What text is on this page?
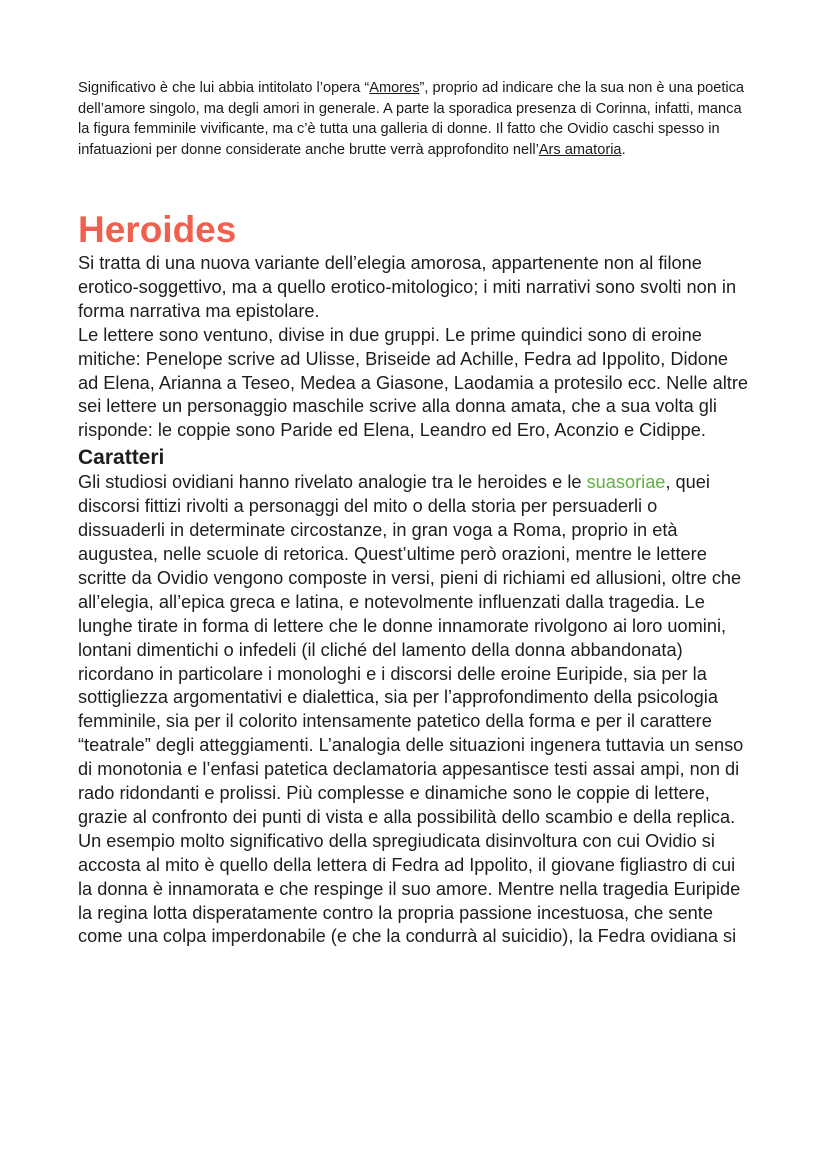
Significativo è che lui abbia intitolato l’opera “Amores”, proprio ad indicare che la sua non è una poetica dell’amore singolo, ma degli amori in generale. A parte la sporadica presenza di Corinna, infatti, manca la figura femminile vivificante, ma c’è tutta una galleria di donne. Il fatto che Ovidio caschi spesso in infatuazioni per donne considerate anche brutte verrà approfondito nell’Ars amatoria.

Heroides

Si tratta di una nuova variante dell’elegia amorosa, appartenente non al filone erotico-soggettivo, ma a quello erotico-mitologico; i miti narrativi sono svolti non in forma narrativa ma epistolare.

Le lettere sono ventuno, divise in due gruppi. Le prime quindici sono di eroine mitiche: Penelope scrive ad Ulisse, Briseide ad Achille, Fedra ad Ippolito, Didone ad Elena, Arianna a Teseo, Medea a Giasone, Laodamia a protesilo ecc. Nelle altre sei lettere un personaggio maschile scrive alla donna amata, che a sua volta gli risponde: le coppie sono Paride ed Elena, Leandro ed Ero, Aconzio e Cidippe.

Caratteri

Gli studiosi ovidiani hanno rivelato analogie tra le heroides e le suasoriae, quei discorsi fittizi rivolti a personaggi del mito o della storia per persuaderli o dissuaderli in determinate circostanze, in gran voga a Roma, proprio in età augustea, nelle scuole di retorica. Quest’ultime però orazioni, mentre le lettere scritte da Ovidio vengono composte in versi, pieni di richiami ed allusioni, oltre che all’elegia, all’epica greca e latina, e notevolmente influenzati dalla tragedia. Le lunghe tirate in forma di lettere che le donne innamorate rivolgono ai loro uomini, lontani dimentichi o infedeli (il cliché del lamento della donna abbandonata) ricordano in particolare i monologhi e i discorsi delle eroine Euripide, sia per la sottigliezza argomentativi e dialettica, sia per l’approfondimento della psicologia femminile, sia per il colorito intensamente patetico della forma e per il carattere “teatrale” degli atteggiamenti. L’analogia delle situazioni ingenera tuttavia un senso di monotonia e l’enfasi patetica declamatoria appesantisce testi assai ampi, non di rado ridondanti e prolissi. Più complesse e dinamiche sono le coppie di lettere, grazie al confronto dei punti di vista e alla possibilità dello scambio e della replica.

Un esempio molto significativo della spregiudicata disinvoltura con cui Ovidio si accosta al mito è quello della lettera di Fedra ad Ippolito, il giovane figliastro di cui la donna è innamorata e che respinge il suo amore. Mentre nella tragedia Euripide la regina lotta disperatamente contro la propria passione incestuosa, che sente come una colpa imperdonabile (e che la condurrà al suicidio), la Fedra ovidiana si
